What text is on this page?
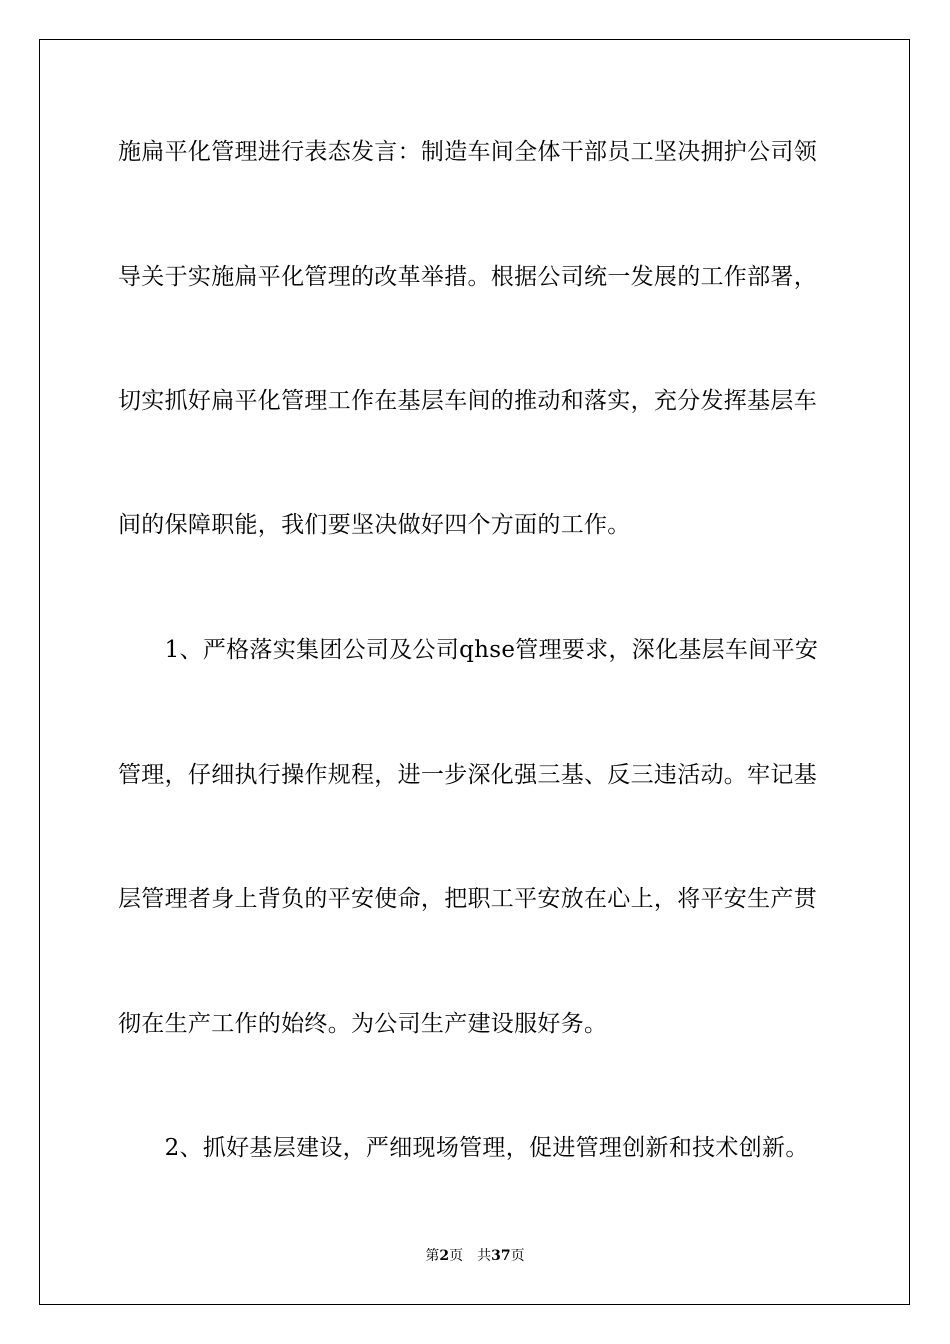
施扁平化管理进行表态发言：制造车间全体干部员工坚决拥护公司领
导关于实施扁平化管理的改革举措。根据公司统一发展的工作部署，
切实抓好扁平化管理工作在基层车间的推动和落实，充分发挥基层车
间的保障职能，我们要坚决做好四个方面的工作。
　　1、严格落实集团公司及公司qhse管理要求，深化基层车间平安
管理，仔细执行操作规程，进一步深化强三基、反三违活动。牢记基
层管理者身上背负的平安使命，把职工平安放在心上，将平安生产贯
彻在生产工作的始终。为公司生产建设服好务。
　　2、抓好基层建设，严细现场管理，促进管理创新和技术创新。
第2页 共37页
